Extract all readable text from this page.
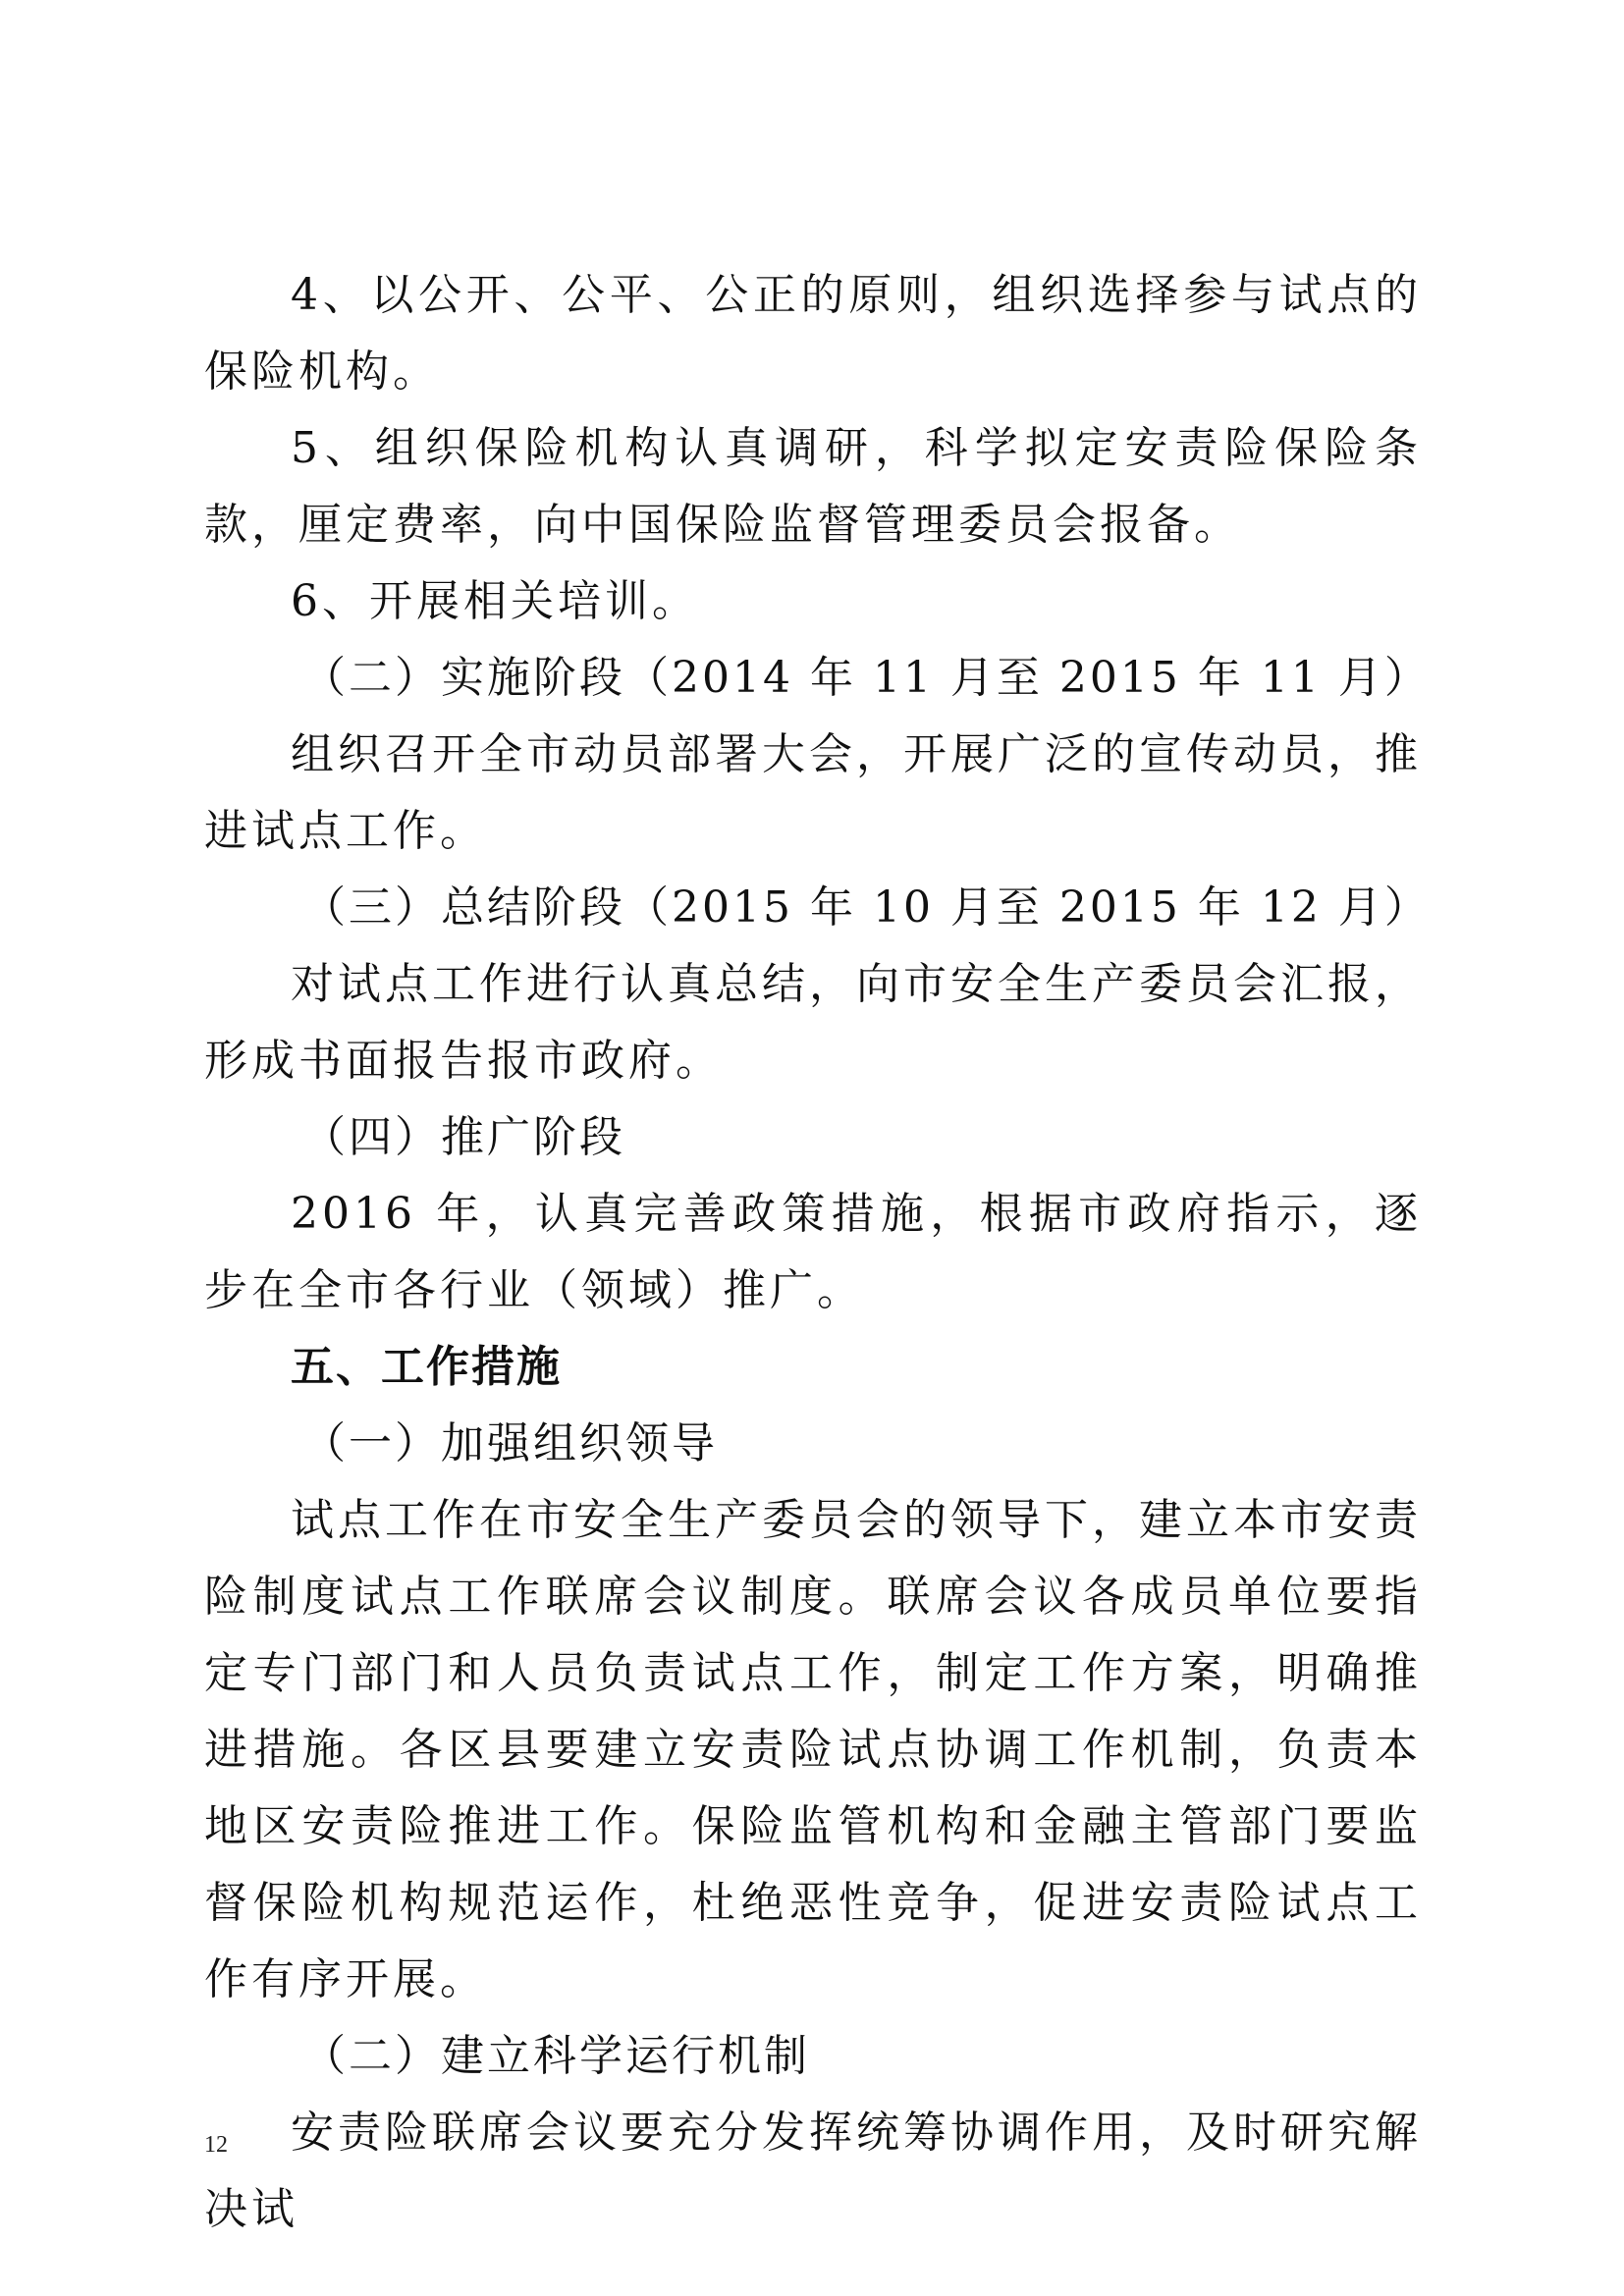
4、以公开、公平、公正的原则，组织选择参与试点的保险机构。

5、组织保险机构认真调研，科学拟定安责险保险条款，厘定费率，向中国保险监督管理委员会报备。

6、开展相关培训。

（二）实施阶段（2014 年 11 月至 2015 年 11 月）

组织召开全市动员部署大会，开展广泛的宣传动员，推进试点工作。

（三）总结阶段（2015 年 10 月至 2015 年 12 月）

对试点工作进行认真总结，向市安全生产委员会汇报，形成书面报告报市政府。

（四）推广阶段

2016 年，认真完善政策措施，根据市政府指示，逐步在全市各行业（领域）推广。

五、工作措施

（一）加强组织领导

试点工作在市安全生产委员会的领导下，建立本市安责险制度试点工作联席会议制度。联席会议各成员单位要指定专门部门和人员负责试点工作，制定工作方案，明确推进措施。各区县要建立安责险试点协调工作机制，负责本地区安责险推进工作。保险监管机构和金融主管部门要监督保险机构规范运作，杜绝恶性竞争，促进安责险试点工作有序开展。

（二）建立科学运行机制

安责险联席会议要充分发挥统筹协调作用，及时研究解决试

12
